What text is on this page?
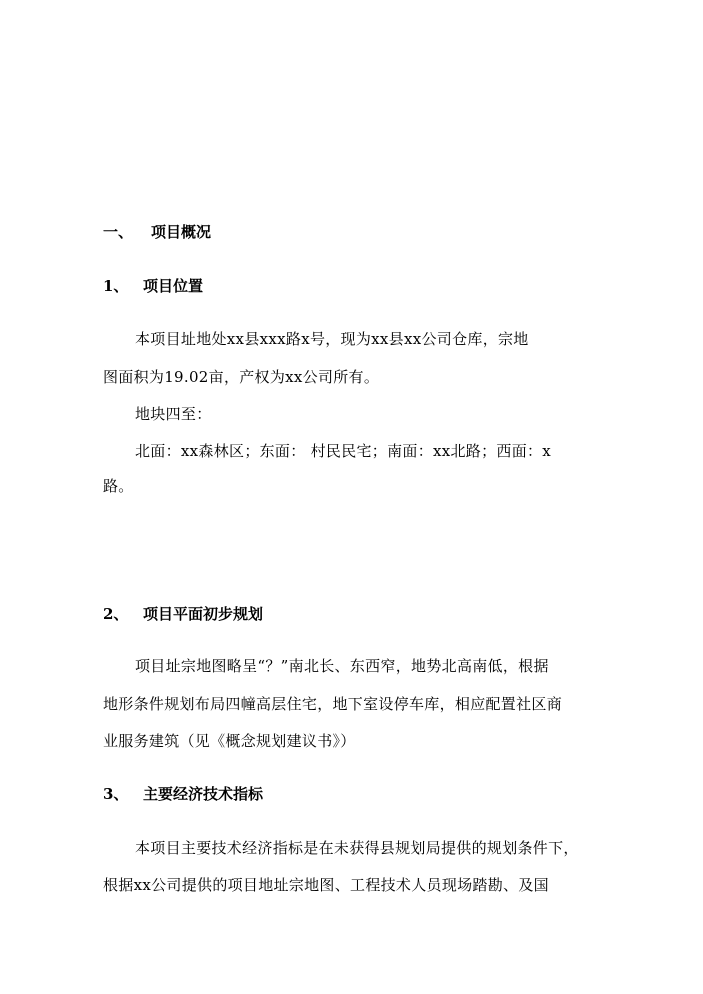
一、 项目概况
1、 项目位置
本项目址地处xx县xxx路x号，现为xx县xx公司仓库，宗地
图面积为19.02亩，产权为xx公司所有。
地块四至：
北面：xx森林区；东面： 村民民宅；南面：xx北路；西面：x
路。
2、 项目平面初步规划
项目址宗地图略呈“？”南北长、东西窄，地势北高南低，根据
地形条件规划布局四幢高层住宅，地下室设停车库，相应配置社区商
业服务建筑（见《概念规划建议书》）
3、 主要经济技术指标
本项目主要技术经济指标是在未获得县规划局提供的规划条件下，
根据xx公司提供的项目地址宗地图、工程技术人员现场踏勘、及国
